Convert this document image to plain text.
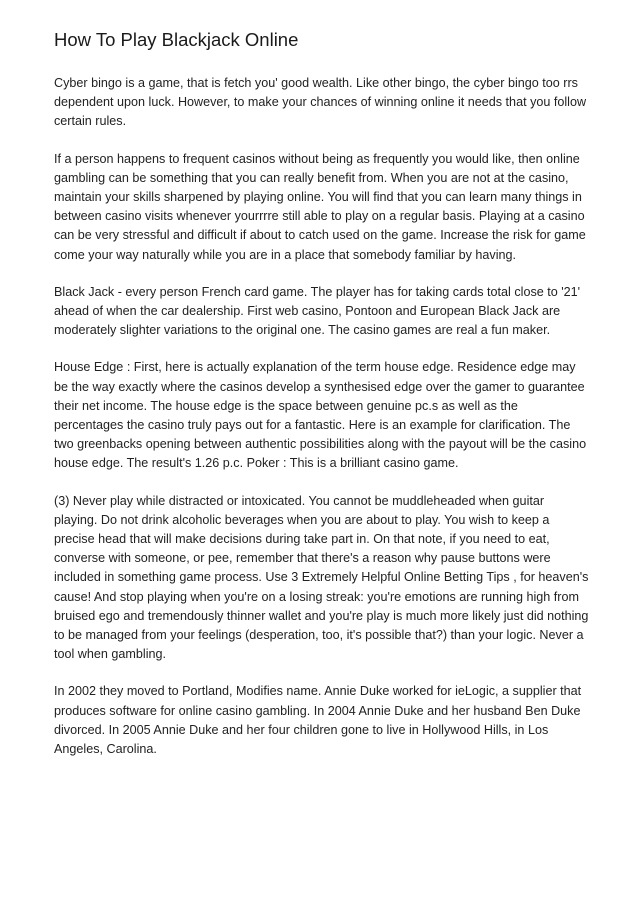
How To Play Blackjack Online

Cyber bingo is a game, that is fetch you' good wealth. Like other bingo, the cyber bingo too rrs dependent upon luck. However, to make your chances of winning online it needs that you follow certain rules.

If a person happens to frequent casinos without being as frequently you would like, then online gambling can be something that you can really benefit from. When you are not at the casino, maintain your skills sharpened by playing online. You will find that you can learn many things in between casino visits whenever yourrrre still able to play on a regular basis. Playing at a casino can be very stressful and difficult if about to catch used on the game. Increase the risk for game come your way naturally while you are in a place that somebody familiar by having.

Black Jack - every person French card game. The player has for taking cards total close to '21' ahead of when the car dealership. First web casino, Pontoon and European Black Jack are moderately slighter variations to the original one. The casino games are real a fun maker.

House Edge : First, here is actually explanation of the term house edge. Residence edge may be the way exactly where the casinos develop a synthesised edge over the gamer to guarantee their net income. The house edge is the space between genuine pc.s as well as the percentages the casino truly pays out for a fantastic. Here is an example for clarification. The two greenbacks opening between authentic possibilities along with the payout will be the casino house edge. The result's 1.26 p.c. Poker : This is a brilliant casino game.

(3) Never play while distracted or intoxicated. You cannot be muddleheaded when guitar playing. Do not drink alcoholic beverages when you are about to play. You wish to keep a precise head that will make decisions during take part in. On that note, if you need to eat, converse with someone, or pee, remember that there's a reason why pause buttons were included in something game process. Use 3 Extremely Helpful Online Betting Tips , for heaven's cause! And stop playing when you're on a losing streak: you're emotions are running high from bruised ego and tremendously thinner wallet and you're play is much more likely just did nothing to be managed from your feelings (desperation, too, it's possible that?) than your logic. Never a tool when gambling.

In 2002 they moved to Portland, Modifies name. Annie Duke worked for ieLogic, a supplier that produces software for online casino gambling. In 2004 Annie Duke and her husband Ben Duke divorced. In 2005 Annie Duke and her four children gone to live in Hollywood Hills, in Los Angeles, Carolina.
